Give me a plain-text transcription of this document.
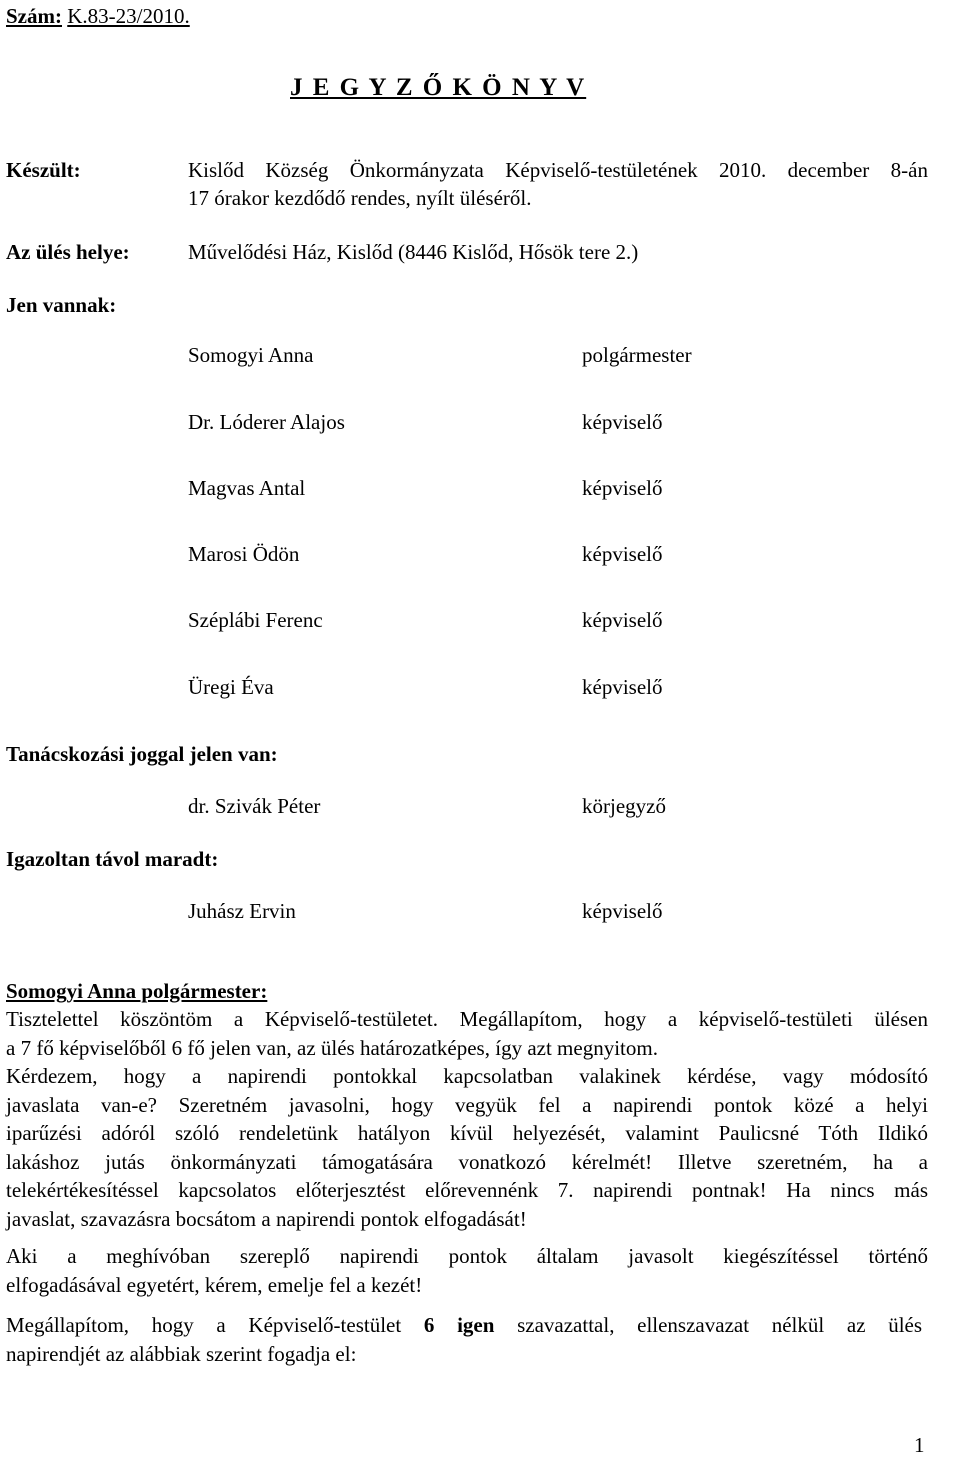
Szám: K.83-23/2010.
J E G Y Z Ő K Ö N Y V
Készült:	Kislőd Község Önkormányzata Képviselő-testületének 2010. december 8-án
17 órakor kezdődő rendes, nyílt üléséről.
Az ülés helye:	Művelődési Ház, Kislőd (8446 Kislőd, Hősök tere 2.)
Jen vannak:
Somogyi Anna	polgármester
Dr. Lóderer Alajos	képviselő
Magvas Antal	képviselő
Marosi Ödön	képviselő
Széplábi Ferenc	képviselő
Üregi Éva	képviselő
Tanácskozási joggal jelen van:
dr. Szivák Péter	körjegyző
Igazoltan távol maradt:
Juhász Ervin	képviselő
Somogyi Anna polgármester:
Tisztelettel köszöntöm a Képviselő-testületet. Megállapítom, hogy a képviselő-testületi ülésen
a 7 fő képviselőből 6 fő jelen van, az ülés határozatképes, így azt megnyitom.
Kérdezem, hogy a napirendi pontokkal kapcsolatban valakinek kérdése, vagy módosító
javaslata van-e? Szeretném javasolni, hogy vegyük fel a napirendi pontok közé a helyi
iparűzési adóról szóló rendeletünk hatályon kívül helyezését, valamint Paulicsné Tóth Ildikó
lakáshoz jutás önkormányzati támogatására vonatkozó kérelmét! Illetve szeretném, ha a
telekértékesítéssel kapcsolatos előterjesztést előrevennénk 7. napirendi pontnak! Ha nincs más
javaslat, szavazásra bocsátom a napirendi pontok elfogadását!
Aki a meghívóban szereplő napirendi pontok általam javasolt kiegészítéssel történő
elfogadásával egyetért, kérem, emelje fel a kezét!
Megállapítom, hogy a Képviselő-testület 6 igen szavazattal, ellenszavazat nélkül az ülés
napirendjét az alábbiak szerint fogadja el:
1
